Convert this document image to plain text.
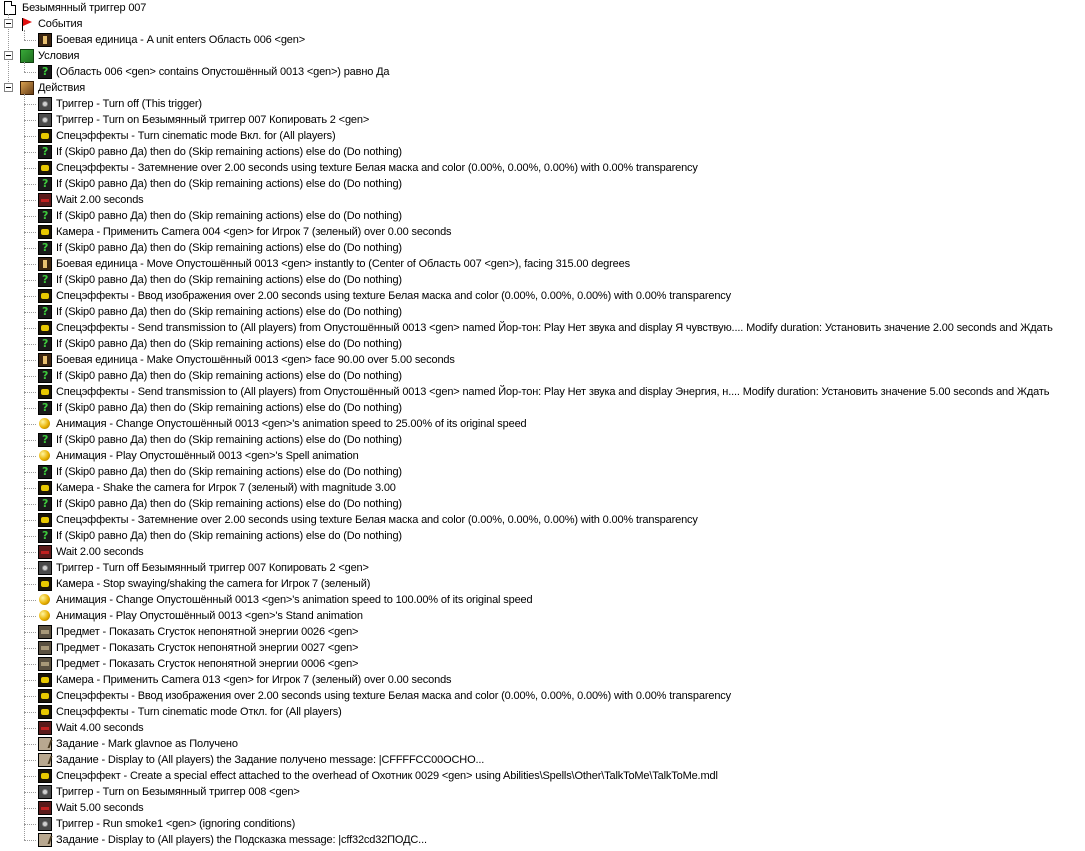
Безымянный триггер 007
События
Боевая единица - A unit enters Область 006 <gen>
Условия
?
(Область 006 <gen> contains Опустошённый 0013 <gen>) равно Да
Действия
Триггер - Turn off (This trigger)
Триггер - Turn on Безымянный триггер 007 Копировать 2 <gen>
Спецэффекты - Turn cinematic mode Вкл. for (All players)
?
If (Skip0 равно Да) then do (Skip remaining actions) else do (Do nothing)
Спецэффекты - Затемнение over 2.00 seconds using texture Белая маска and color (0.00%, 0.00%, 0.00%) with 0.00% transparency
?
If (Skip0 равно Да) then do (Skip remaining actions) else do (Do nothing)
Wait 2.00 seconds
?
If (Skip0 равно Да) then do (Skip remaining actions) else do (Do nothing)
Камера - Применить Camera 004 <gen> for Игрок 7 (зеленый) over 0.00 seconds
?
If (Skip0 равно Да) then do (Skip remaining actions) else do (Do nothing)
Боевая единица - Move Опустошённый 0013 <gen> instantly to (Center of Область 007 <gen>), facing 315.00 degrees
?
If (Skip0 равно Да) then do (Skip remaining actions) else do (Do nothing)
Спецэффекты - Ввод изображения over 2.00 seconds using texture Белая маска and color (0.00%, 0.00%, 0.00%) with 0.00% transparency
?
If (Skip0 равно Да) then do (Skip remaining actions) else do (Do nothing)
Спецэффекты - Send transmission to (All players) from Опустошённый 0013 <gen> named Йор-тон: Play Нет звука and display Я чувствую.... Modify duration: Установить значение 2.00 seconds and Ждать
?
If (Skip0 равно Да) then do (Skip remaining actions) else do (Do nothing)
Боевая единица - Make Опустошённый 0013 <gen> face 90.00 over 5.00 seconds
?
If (Skip0 равно Да) then do (Skip remaining actions) else do (Do nothing)
Спецэффекты - Send transmission to (All players) from Опустошённый 0013 <gen> named Йор-тон: Play Нет звука and display Энергия, н.... Modify duration: Установить значение 5.00 seconds and Ждать
?
If (Skip0 равно Да) then do (Skip remaining actions) else do (Do nothing)
Анимация - Change Опустошённый 0013 <gen>'s animation speed to 25.00% of its original speed
?
If (Skip0 равно Да) then do (Skip remaining actions) else do (Do nothing)
Анимация - Play Опустошённый 0013 <gen>'s Spell animation
?
If (Skip0 равно Да) then do (Skip remaining actions) else do (Do nothing)
Камера - Shake the camera for Игрок 7 (зеленый) with magnitude 3.00
?
If (Skip0 равно Да) then do (Skip remaining actions) else do (Do nothing)
Спецэффекты - Затемнение over 2.00 seconds using texture Белая маска and color (0.00%, 0.00%, 0.00%) with 0.00% transparency
?
If (Skip0 равно Да) then do (Skip remaining actions) else do (Do nothing)
Wait 2.00 seconds
Триггер - Turn off Безымянный триггер 007 Копировать 2 <gen>
Камера - Stop swaying/shaking the camera for Игрок 7 (зеленый)
Анимация - Change Опустошённый 0013 <gen>'s animation speed to 100.00% of its original speed
Анимация - Play Опустошённый 0013 <gen>'s Stand animation
Предмет - Показать Сгусток непонятной энергии 0026 <gen>
Предмет - Показать Сгусток непонятной энергии 0027 <gen>
Предмет - Показать Сгусток непонятной энергии 0006 <gen>
Камера - Применить Camera 013 <gen> for Игрок 7 (зеленый) over 0.00 seconds
Спецэффекты - Ввод изображения over 2.00 seconds using texture Белая маска and color (0.00%, 0.00%, 0.00%) with 0.00% transparency
Спецэффекты - Turn cinematic mode Откл. for (All players)
Wait 4.00 seconds
Задание - Mark glavnoe as Получено
Задание - Display to (All players) the Задание получено message: |CFFFFCC00OCHO...
Спецэффект - Create a special effect attached to the overhead of Охотник 0029 <gen> using Abilities\Spells\Other\TalkToMe\TalkToMe.mdl
Триггер - Turn on Безымянный триггер 008 <gen>
Wait 5.00 seconds
Триггер - Run smoke1 <gen> (ignoring conditions)
Задание - Display to (All players) the Подсказка message: |cff32cd32ПОДС...
